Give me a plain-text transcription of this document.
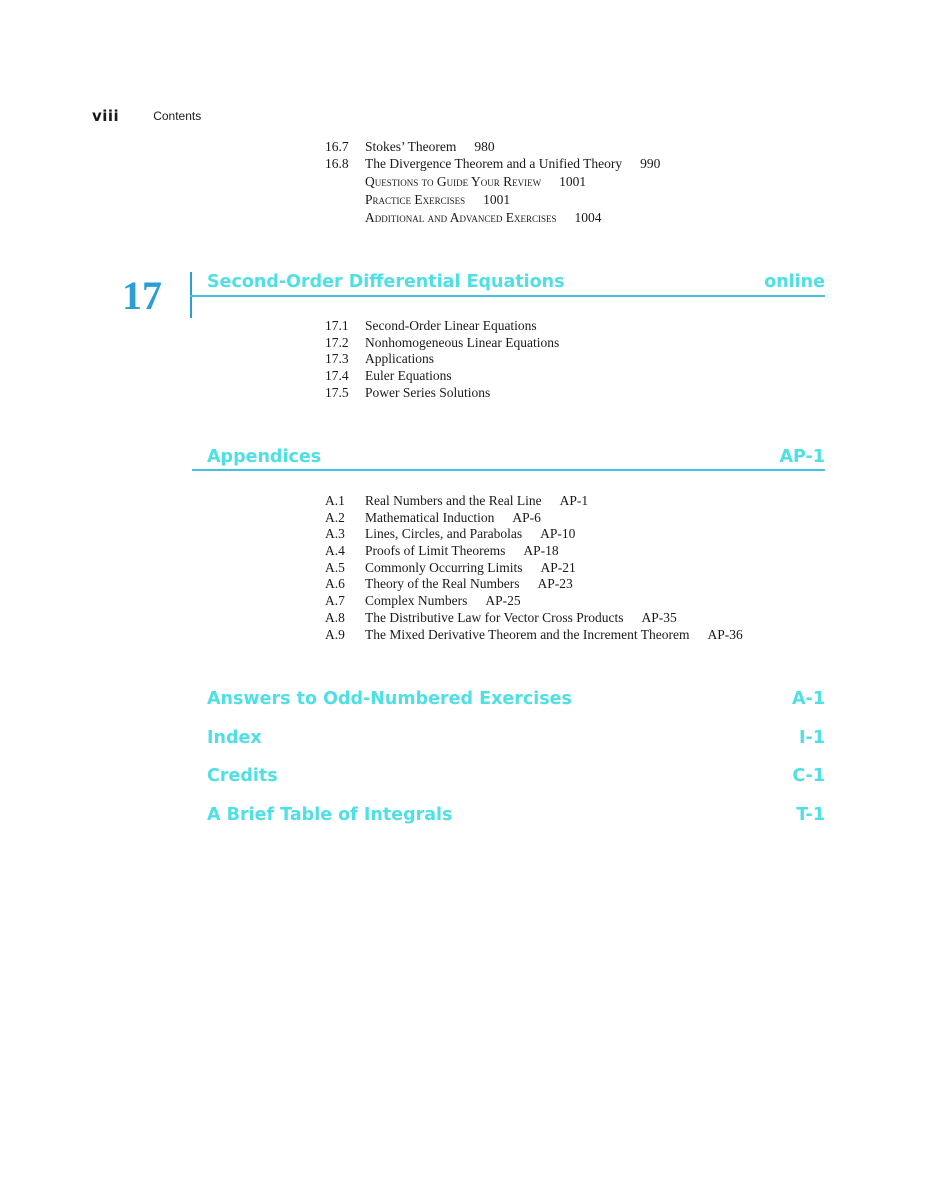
viii	Contents
16.7 Stokes’ Theorem 980
16.8 The Divergence Theorem and a Unified Theory 990
Questions to Guide Your Review 1001
Practice Exercises 1001
Additional and Advanced Exercises 1004
17	Second-Order Differential Equations	online
17.1 Second-Order Linear Equations
17.2 Nonhomogeneous Linear Equations
17.3 Applications
17.4 Euler Equations
17.5 Power Series Solutions
Appendices	AP-1
A.1 Real Numbers and the Real Line AP-1
A.2 Mathematical Induction AP-6
A.3 Lines, Circles, and Parabolas AP-10
A.4 Proofs of Limit Theorems AP-18
A.5 Commonly Occurring Limits AP-21
A.6 Theory of the Real Numbers AP-23
A.7 Complex Numbers AP-25
A.8 The Distributive Law for Vector Cross Products AP-35
A.9 The Mixed Derivative Theorem and the Increment Theorem AP-36
Answers to Odd-Numbered Exercises	A-1
Index	I-1
Credits	C-1
A Brief Table of Integrals	T-1
